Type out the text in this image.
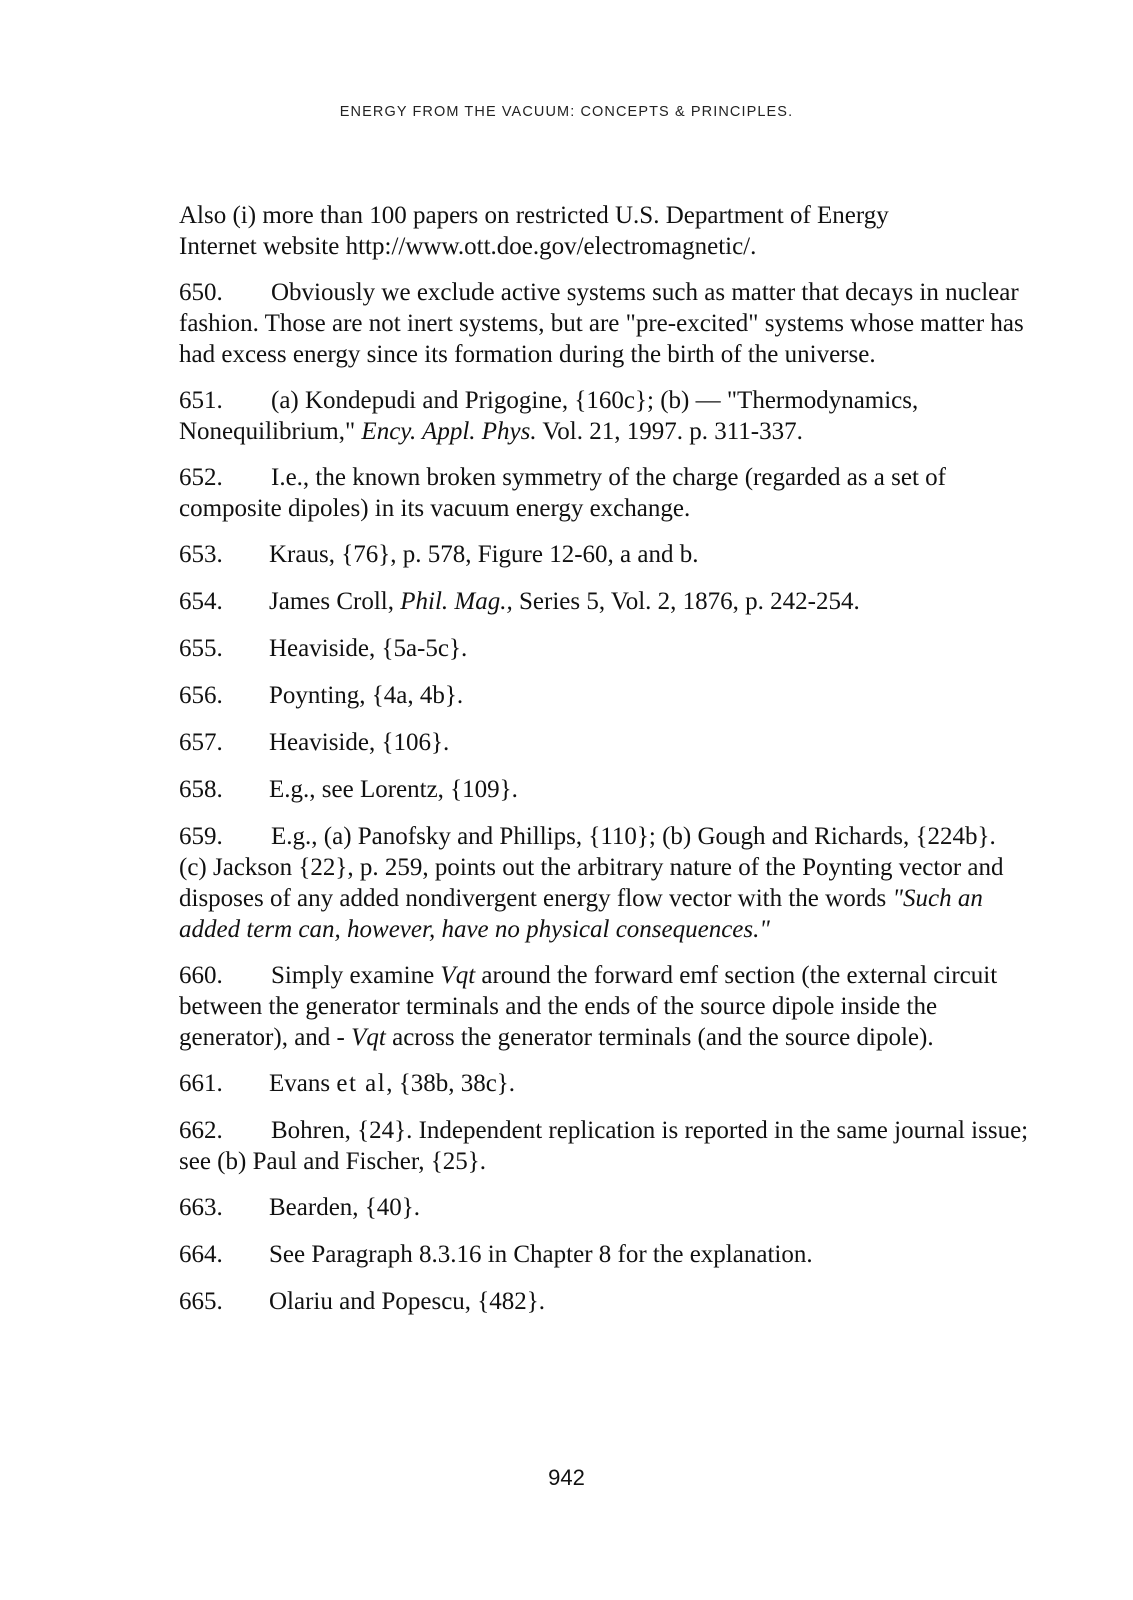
ENERGY FROM THE VACUUM: CONCEPTS & PRINCIPLES.

Also (i) more than 100 papers on restricted U.S. Department of Energy
Internet website http://www.ott.doe.gov/electromagnetic/.

650. Obviously we exclude active systems such as matter that decays in nuclear fashion. Those are not inert systems, but are "pre-excited" systems whose matter has had excess energy since its formation during the birth of the universe.

651. (a) Kondepudi and Prigogine, {160c}; (b) — "Thermodynamics, Nonequilibrium," Ency. Appl. Phys. Vol. 21, 1997. p. 311-337.

652. I.e., the known broken symmetry of the charge (regarded as a set of composite dipoles) in its vacuum energy exchange.

653. Kraus, {76}, p. 578, Figure 12-60, a and b.

654. James Croll, Phil. Mag., Series 5, Vol. 2, 1876, p. 242-254.

655. Heaviside, {5a-5c}.

656. Poynting, {4a, 4b}.

657. Heaviside, {106}.

658. E.g., see Lorentz, {109}.

659. E.g., (a) Panofsky and Phillips, {110}; (b) Gough and Richards, {224b}. (c) Jackson {22}, p. 259, points out the arbitrary nature of the Poynting vector and disposes of any added nondivergent energy flow vector with the words "Such an added term can, however, have no physical consequences."

660. Simply examine Vqt around the forward emf section (the external circuit between the generator terminals and the ends of the source dipole inside the generator), and - Vqt across the generator terminals (and the source dipole).

661. Evans et al, {38b, 38c}.

662. Bohren, {24}. Independent replication is reported in the same journal issue; see (b) Paul and Fischer, {25}.

663. Bearden, {40}.

664. See Paragraph 8.3.16 in Chapter 8 for the explanation.

665. Olariu and Popescu, {482}.

942
